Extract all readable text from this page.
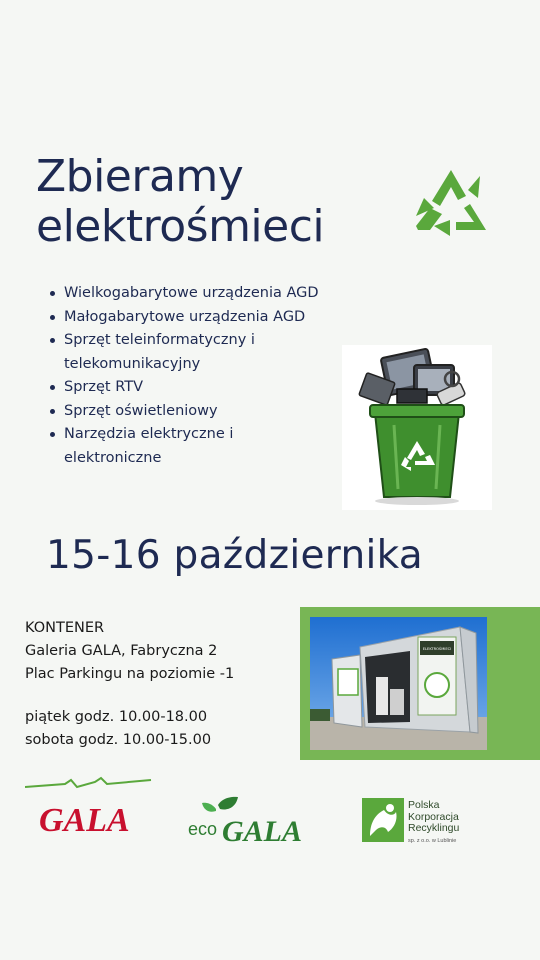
Zbieramy
elektrośmieci
Wielkogabarytowe urządzenia AGD
Małogabarytowe urządzenia AGD
Sprzęt teleinformatyczny i telekomunikacyjny
Sprzęt RTV
Sprzęt oświetleniowy
Narzędzia elektryczne i elektroniczne
15-16 października
KONTENER
Galeria GALA, Fabryczna 2
Plac Parkingu na poziomie -1
piątek godz. 10.00-18.00
sobota godz. 10.00-15.00
ELEKTROŚMIECI
GALA	eco GALA
Polska
Korporacja
Recyklingu
sp. z o.o. w Lublinie
